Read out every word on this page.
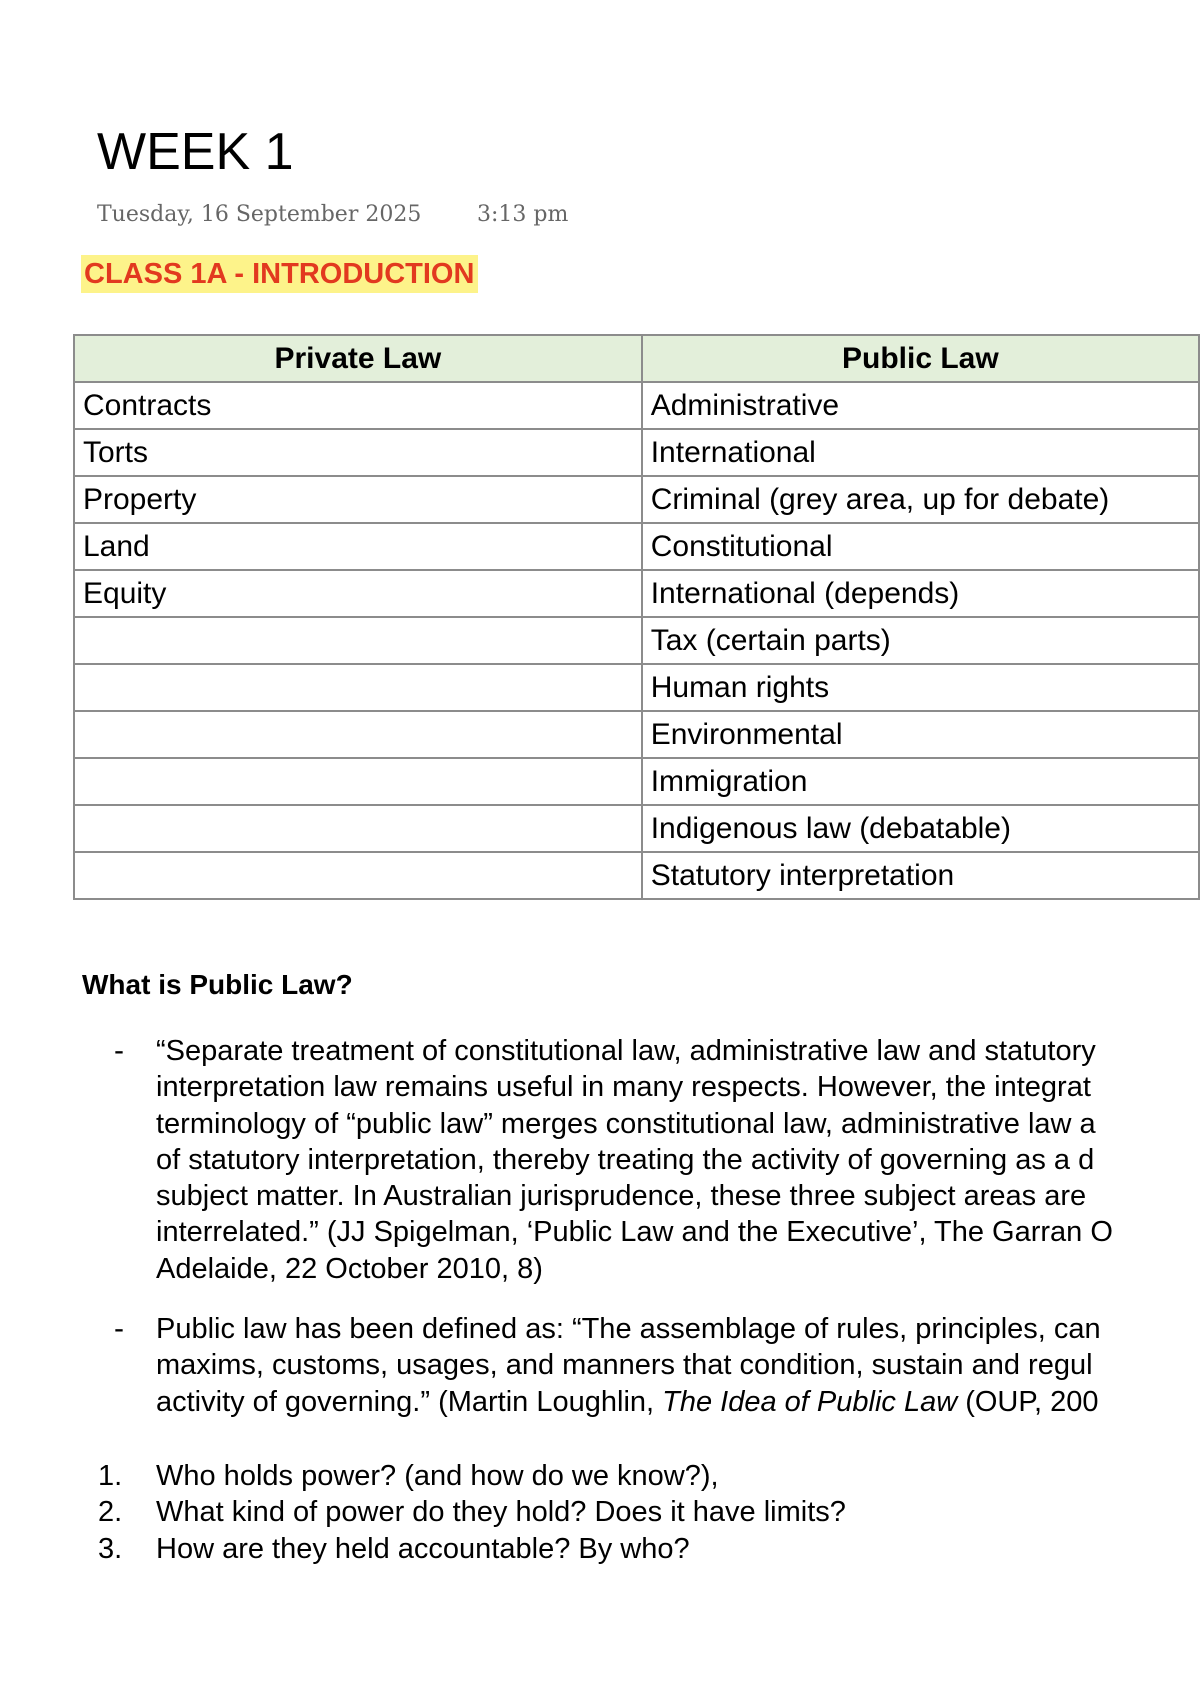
WEEK 1
Tuesday, 16 September 2025	3:13 pm
CLASS 1A - INTRODUCTION
Private Law	Public Law
Contracts	Administrative
Torts	International
Property	Criminal (grey area, up for debate)
Land	Constitutional
Equity	International (depends)
	Tax (certain parts)
	Human rights
	Environmental
	Immigration
	Indigenous law (debatable)
	Statutory interpretation
What is Public Law?
- “Separate treatment of constitutional law, administrative law and statutory
interpretation law remains useful in many respects. However, the integrat
terminology of “public law” merges constitutional law, administrative law a
of statutory interpretation, thereby treating the activity of governing as a d
subject matter. In Australian jurisprudence, these three subject areas are
interrelated.” (JJ Spigelman, ‘Public Law and the Executive’, The Garran O
Adelaide, 22 October 2010, 8)
- Public law has been defined as: “The assemblage of rules, principles, can
maxims, customs, usages, and manners that condition, sustain and regul
activity of governing.” (Martin Loughlin, The Idea of Public Law (OUP, 200
1. Who holds power? (and how do we know?),
2. What kind of power do they hold? Does it have limits?
3. How are they held accountable? By who?
